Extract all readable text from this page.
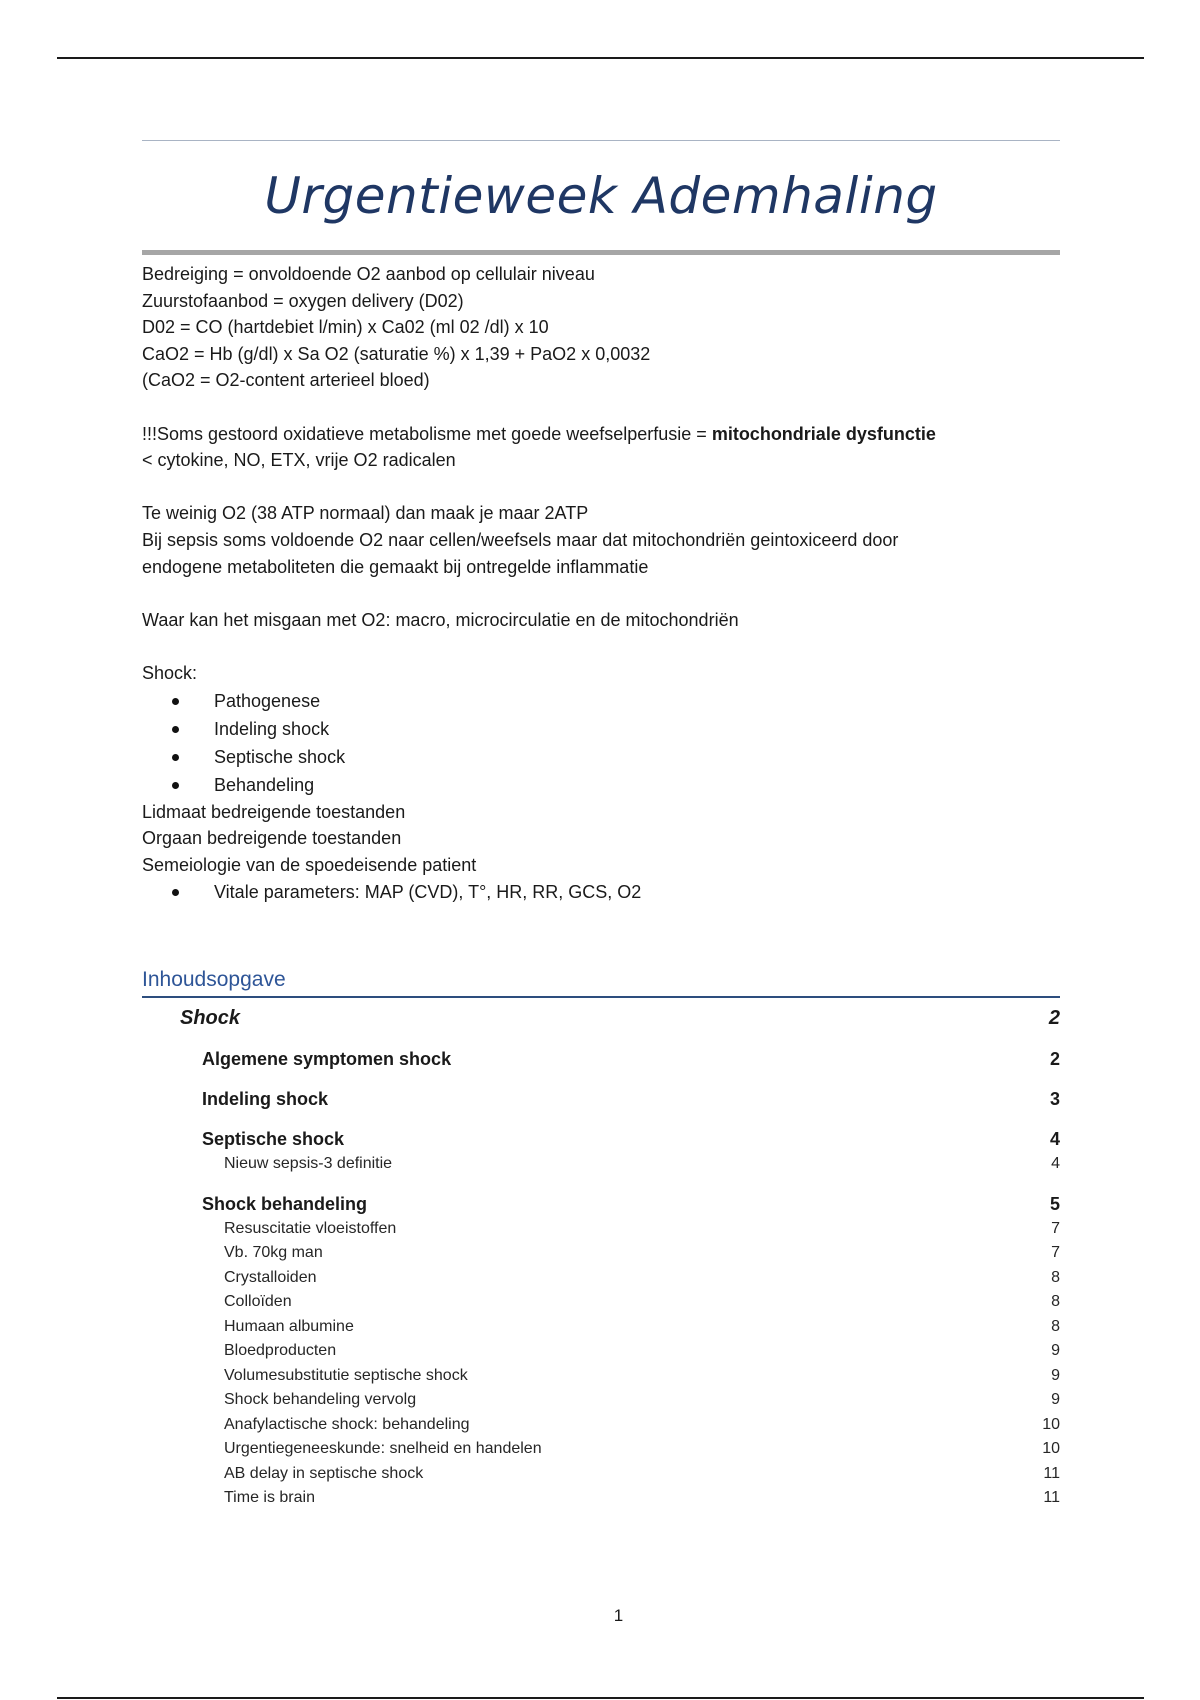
Urgentieweek Ademhaling

Bedreiging = onvoldoende O2 aanbod op cellulair niveau

Zuurstofaanbod = oxygen delivery (D02)

D02 = CO (hartdebiet l/min) x Ca02 (ml 02 /dl) x 10

CaO2 = Hb (g/dl) x Sa O2 (saturatie %) x 1,39 + PaO2 x 0,0032

(CaO2 = O2-content arterieel bloed)

!!!Soms gestoord oxidatieve metabolisme met goede weefselperfusie = mitochondriale dysfunctie

< cytokine, NO, ETX, vrije O2 radicalen

Te weinig O2 (38 ATP normaal) dan maak je maar 2ATP

Bij sepsis soms voldoende O2 naar cellen/weefsels maar dat mitochondriën geintoxiceerd door

endogene metaboliteten die gemaakt bij ontregelde inflammatie

Waar kan het misgaan met O2: macro, microcirculatie en de mitochondriën

Shock:

Pathogenese
Indeling shock
Septische shock
Behandeling

Lidmaat bedreigende toestanden

Orgaan bedreigende toestanden

Semeiologie van de spoedeisende patient

Vitale parameters: MAP (CVD), T°, HR, RR, GCS, O2
Inhoudsopgave
Shock	2
Algemene symptomen shock	2
Indeling shock	3
Septische shock	4
Nieuw sepsis-3 definitie	4
Shock behandeling	5
Resuscitatie vloeistoffen	7
Vb. 70kg man	7
Crystalloiden	8
Colloïden	8
Humaan albumine	8
Bloedproducten	9
Volumesubstitutie septische shock	9
Shock behandeling vervolg	9
Anafylactische shock: behandeling	10
Urgentiegeneeskunde: snelheid en handelen	10
AB delay in septische shock	11
Time is brain	11
1
